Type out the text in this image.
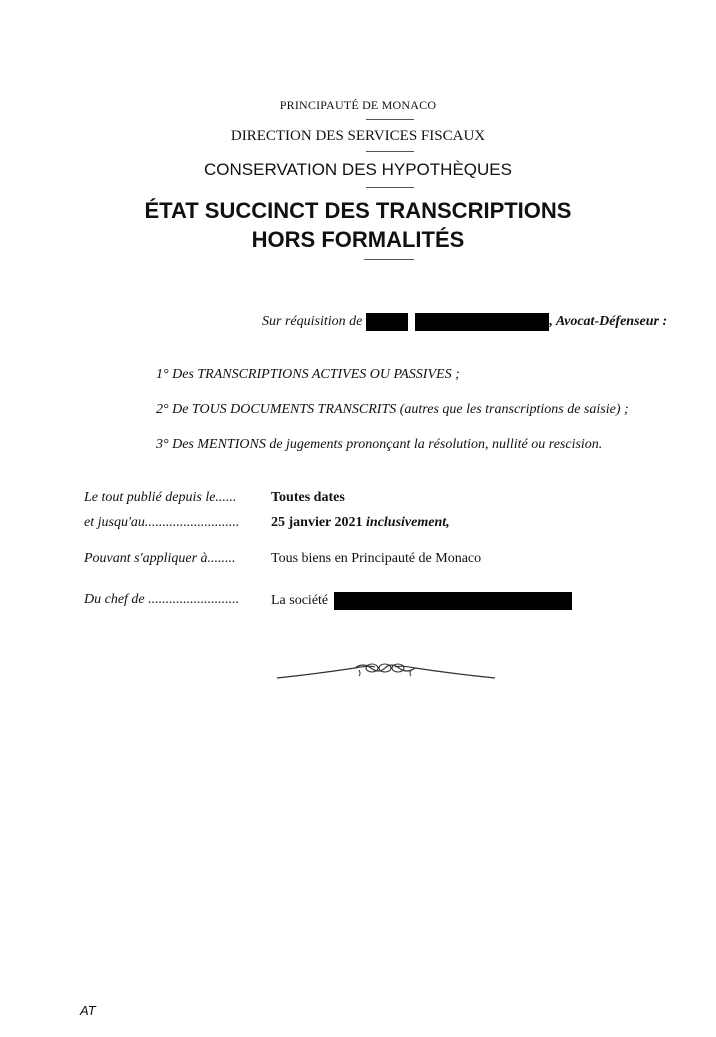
PRINCIPAUTÉ DE MONACO
DIRECTION DES SERVICES FISCAUX
CONSERVATION DES HYPOTHÈQUES
ÉTAT SUCCINCT DES TRANSCRIPTIONS
HORS FORMALITÉS
Sur réquisition de	, Avocat-Défenseur :
1° Des TRANSCRIPTIONS ACTIVES OU PASSIVES ;
2° De TOUS DOCUMENTS TRANSCRITS (autres que les transcriptions de saisie) ;
3° Des MENTIONS de jugements prononçant la résolution, nullité ou rescision.
Le tout publié depuis le...... Toutes dates
et jusqu'au........................... 25 janvier 2021 inclusivement,
Pouvant s'appliquer à........	Tous biens en Principauté de Monaco
Du chef de .......................... La société
AT
